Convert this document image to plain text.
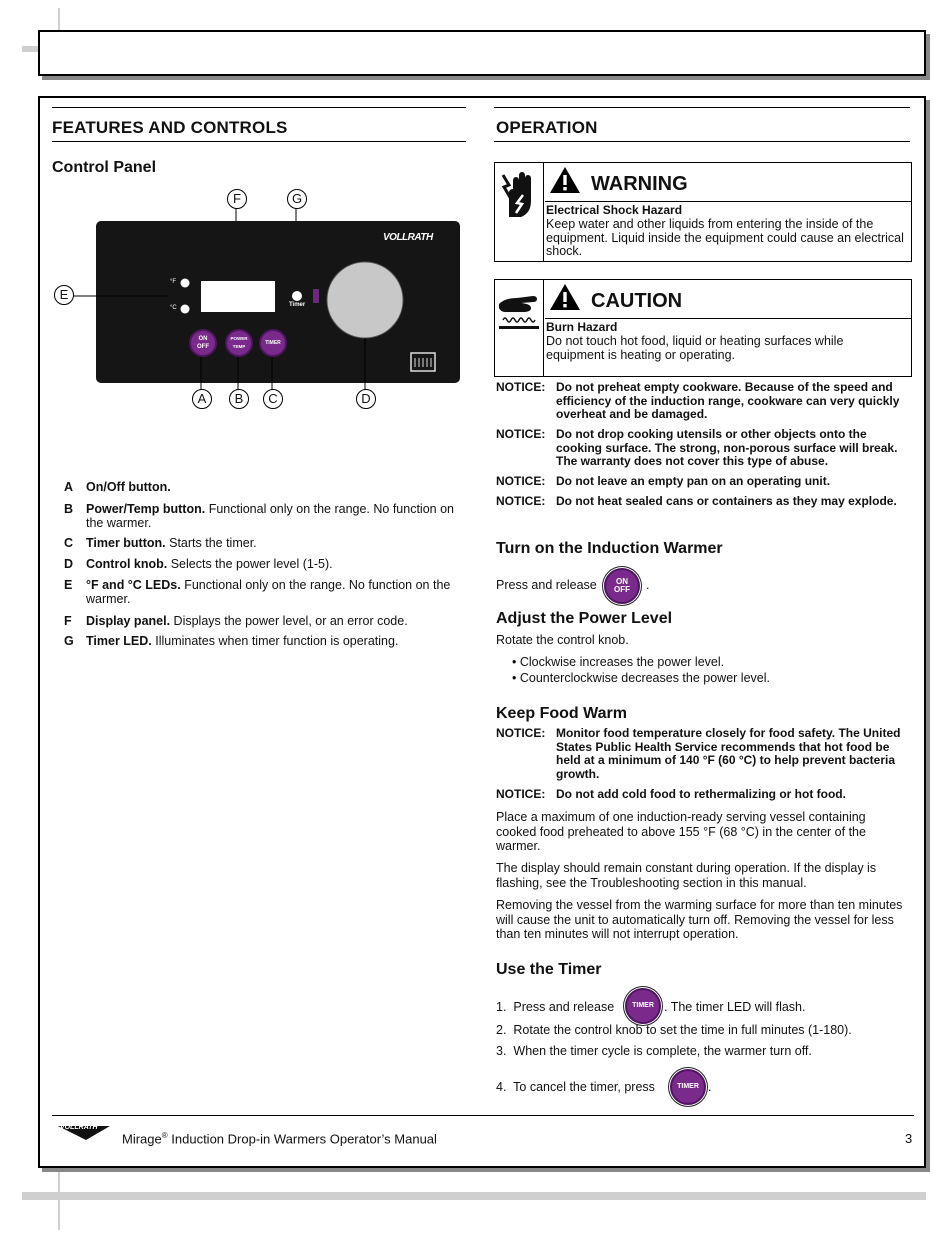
FEATURES AND CONTROLS
Control Panel
VOLLRATH
°F
°C	Timer
ON
OFF
POWER
TEMP
TIMER
A	B	C	D
E
F	G
A On/Off button.
B Power/Temp button. Functional only on the range. No function on the warmer.
C Timer button. Starts the timer.
D Control knob. Selects the power level (1-5).
E °F and °C LEDs. Functional only on the range. No function on the warmer.
F Display panel. Displays the power level, or an error code.
G Timer LED. Illuminates when timer function is operating.
OPERATION
WARNING
Electrical Shock Hazard
Keep water and other liquids from entering the inside of the equipment. Liquid inside the equipment could cause an electrical shock.
CAUTION
Burn Hazard
Do not touch hot food, liquid or heating surfaces while equipment is heating or operating.
NOTICE: Do not preheat empty cookware. Because of the speed and efficiency of the induction range, cookware can very quickly overheat and be damaged.
NOTICE: Do not drop cooking utensils or other objects onto the cooking surface. The strong, non-porous surface will break. The warranty does not cover this type of abuse.
NOTICE: Do not leave an empty pan on an operating unit.
NOTICE: Do not heat sealed cans or containers as they may explode.
Turn on the Induction Warmer
Press and release ON
OFF .
Adjust the Power Level
Rotate the control knob.
• Clockwise increases the power level.
• Counterclockwise decreases the power level.
Keep Food Warm
NOTICE: Monitor food temperature closely for food safety. The United States Public Health Service recommends that hot food be held at a minimum of 140 °F (60 °C) to help prevent bacteria growth.
NOTICE: Do not add cold food to rethermalizing or hot food.
Place a maximum of one induction-ready serving vessel containing cooked food preheated to above 155 °F (68 °C) in the center of the warmer.
The display should remain constant during operation. If the display is flashing, see the Troubleshooting section in this manual.
Removing the vessel from the warming surface for more than ten minutes will cause the unit to automatically turn off. Removing the vessel for less than ten minutes will not interrupt operation.
Use the Timer
1. Press and release	TIMER . The timer LED will flash.
2. Rotate the control knob to set the time in full minutes (1-180).
3. When the timer cycle is complete, the warmer turn off.
4. To cancel the timer, press	TIMER .
VOLLRATH
Mirage® Induction Drop-in Warmers Operator’s Manual	3
